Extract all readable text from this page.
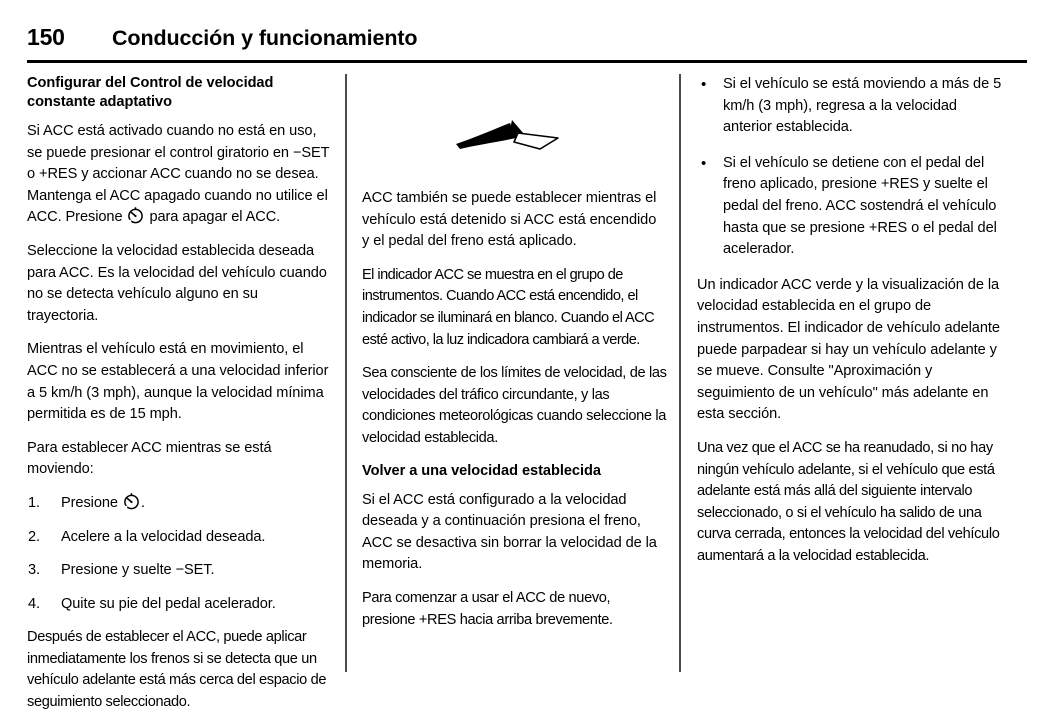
150	Conducción y funcionamiento
Configurar del Control de velocidad constante adaptativo

Si ACC está activado cuando no está en uso, se puede presionar el control giratorio en −SET o +RES y accionar ACC cuando no se desea. Mantenga el ACC apagado cuando no utilice el ACC. Presione
para apagar el ACC.

Seleccione la velocidad establecida deseada para ACC. Es la velocidad del vehículo cuando no se detecta vehículo alguno en su trayectoria.

Mientras el vehículo está en movimiento, el ACC no se establecerá a una velocidad inferior a 5 km/h (3 mph), aunque la velocidad mínima permitida es de 15 mph.

Para establecer ACC mientras se está moviendo:

1. Presione
.
2. Acelere a la velocidad deseada.
3. Presione y suelte −SET.
4. Quite su pie del pedal acelerador.

Después de establecer el ACC, puede aplicar inmediatamente los frenos si se detecta que un vehículo adelante está más cerca del espacio de seguimiento seleccionado.

ACC también se puede establecer mientras el vehículo está detenido si ACC está encendido y el pedal del freno está aplicado.

El indicador ACC se muestra en el grupo de instrumentos. Cuando ACC está encendido, el indicador se iluminará en blanco. Cuando el ACC esté activo, la luz indicadora cambiará a verde.

Sea consciente de los límites de velocidad, de las velocidades del tráfico circundante, y las condiciones meteorológicas cuando seleccione la velocidad establecida.

Volver a una velocidad establecida

Si el ACC está configurado a la velocidad deseada y a continuación presiona el freno, ACC se desactiva sin borrar la velocidad de la memoria.

Para comenzar a usar el ACC de nuevo, presione +RES hacia arriba brevemente.

• Si el vehículo se está moviendo a más de 5 km/h (3 mph), regresa a la velocidad anterior establecida.
• Si el vehículo se detiene con el pedal del freno aplicado, presione +RES y suelte el pedal del freno. ACC sostendrá el vehículo hasta que se presione +RES o el pedal del acelerador.

Un indicador ACC verde y la visualización de la velocidad establecida en el grupo de instrumentos. El indicador de vehículo adelante puede parpadear si hay un vehículo adelante y se mueve. Consulte "Aproximación y seguimiento de un vehículo" más adelante en esta sección.

Una vez que el ACC se ha reanudado, si no hay ningún vehículo adelante, si el vehículo que está adelante está más allá del siguiente intervalo seleccionado, o si el vehículo ha salido de una curva cerrada, entonces la velocidad del vehículo aumentará a la velocidad establecida.
